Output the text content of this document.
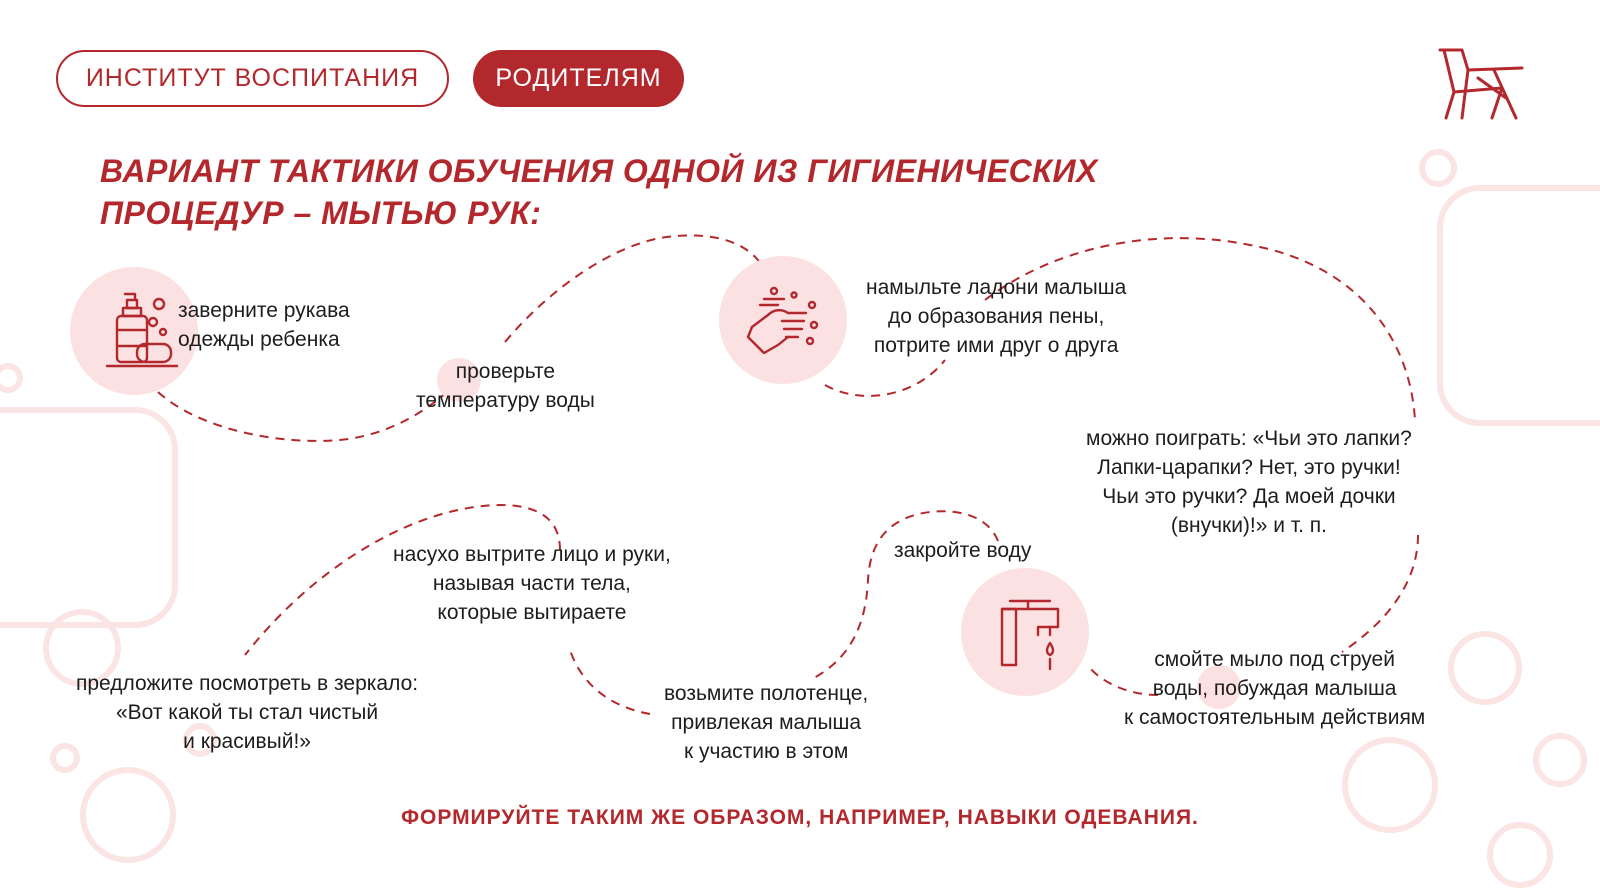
ИНСТИТУТ ВОСПИТАНИЯ	РОДИТЕЛЯМ
ВАРИАНТ ТАКТИКИ ОБУЧЕНИЯ ОДНОЙ ИЗ ГИГИЕНИЧЕСКИХ
ПРОЦЕДУР – МЫТЬЮ РУК:
заверните рукава
одежды ребенка
проверьте
температуру воды
намыльте ладони малыша
до образования пены,
потрите ими друг о друга
можно поиграть: «Чьи это лапки?
Лапки-царапки? Нет, это ручки!
Чьи это ручки? Да моей дочки
(внучки)!» и т. п.
смойте мыло под струей
воды, побуждая малыша
к самостоятельным действиям
закройте воду
возьмите полотенце,
привлекая малыша
к участию в этом
насухо вытрите лицо и руки,
называя части тела,
которые вытираете
предложите посмотреть в зеркало:
«Вот какой ты стал чистый
и красивый!»
ФОРМИРУЙТЕ ТАКИМ ЖЕ ОБРАЗОМ, НАПРИМЕР, НАВЫКИ ОДЕВАНИЯ.
